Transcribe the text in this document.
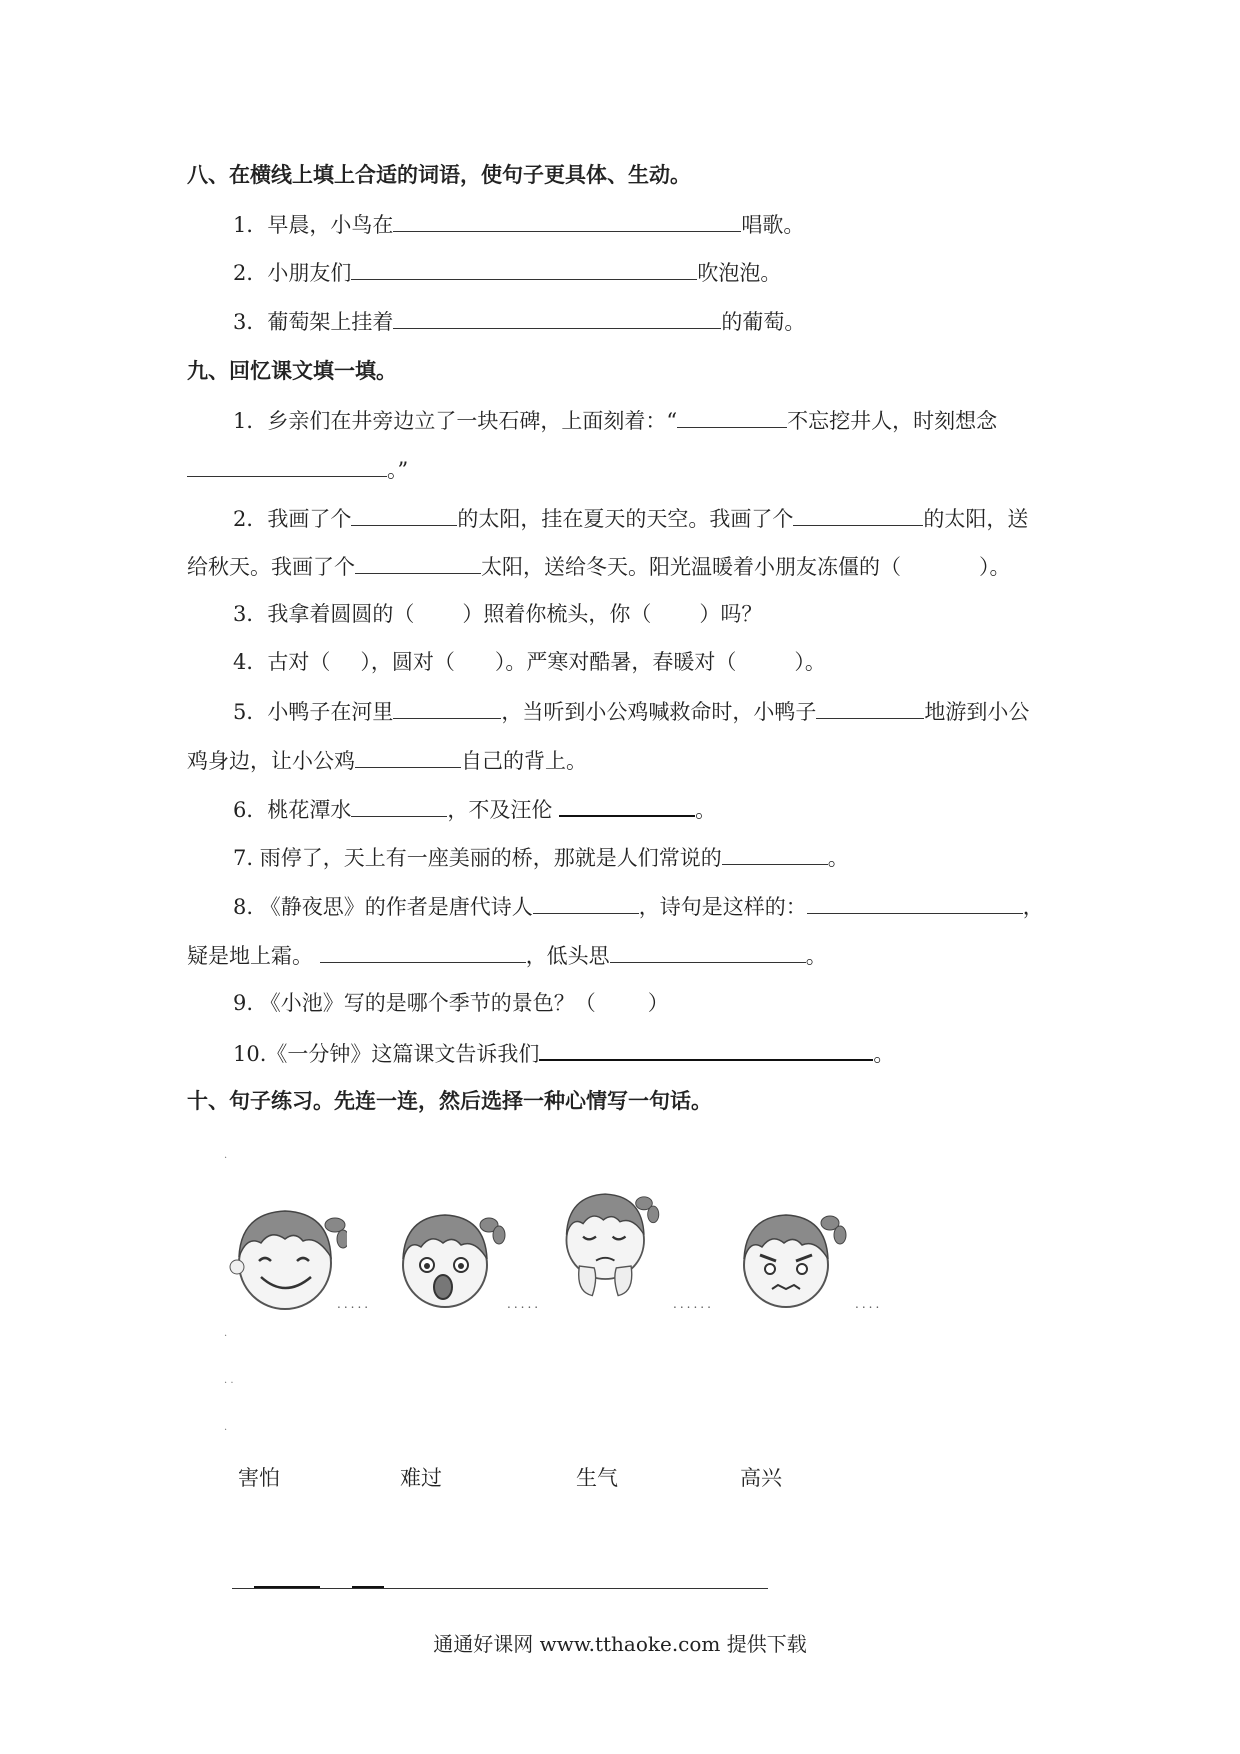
八、在横线上填上合适的词语，使句子更具体、生动。
1．早晨，小鸟在	唱歌。
2．小朋友们	吹泡泡。
3．葡萄架上挂着	的葡萄。
九、回忆课文填一填。
1．乡亲们在井旁边立了一块石碑，上面刻着：“	不忘挖井人，时刻想念
。”
2．我画了个	的太阳，挂在夏天的天空。我画了个	的太阳，送
给秋天。我画了个	太阳，送给冬天。阳光温暖着小朋友冻僵的（	）。
3．我拿着圆圆的（ ）照着你梳头，你（ ）吗？
4．古对（ ），圆对（ ）。严寒对酷暑，春暖对（	）。
5．小鸭子在河里	，当听到小公鸡喊救命时，小鸭子	地游到小公
鸡身边，让小公鸡	自己的背上。
6．桃花潭水	，不及汪伦	。
7. 雨停了，天上有一座美丽的桥，那就是人们常说的	。
8. 《静夜思》的作者是唐代诗人	，诗句是这样的：	，
疑是地上霜。	，低头思	。
9. 《小池》写的是哪个季节的景色？（ ）
10.《一分钟》这篇课文告诉我们	。
十、句子练习。先连一连，然后选择一种心情写一句话。
.....	.....	......	....
.
.
. .
.
害怕	难过	生气	高兴
通通好课网 www.tthaoke.com 提供下载
